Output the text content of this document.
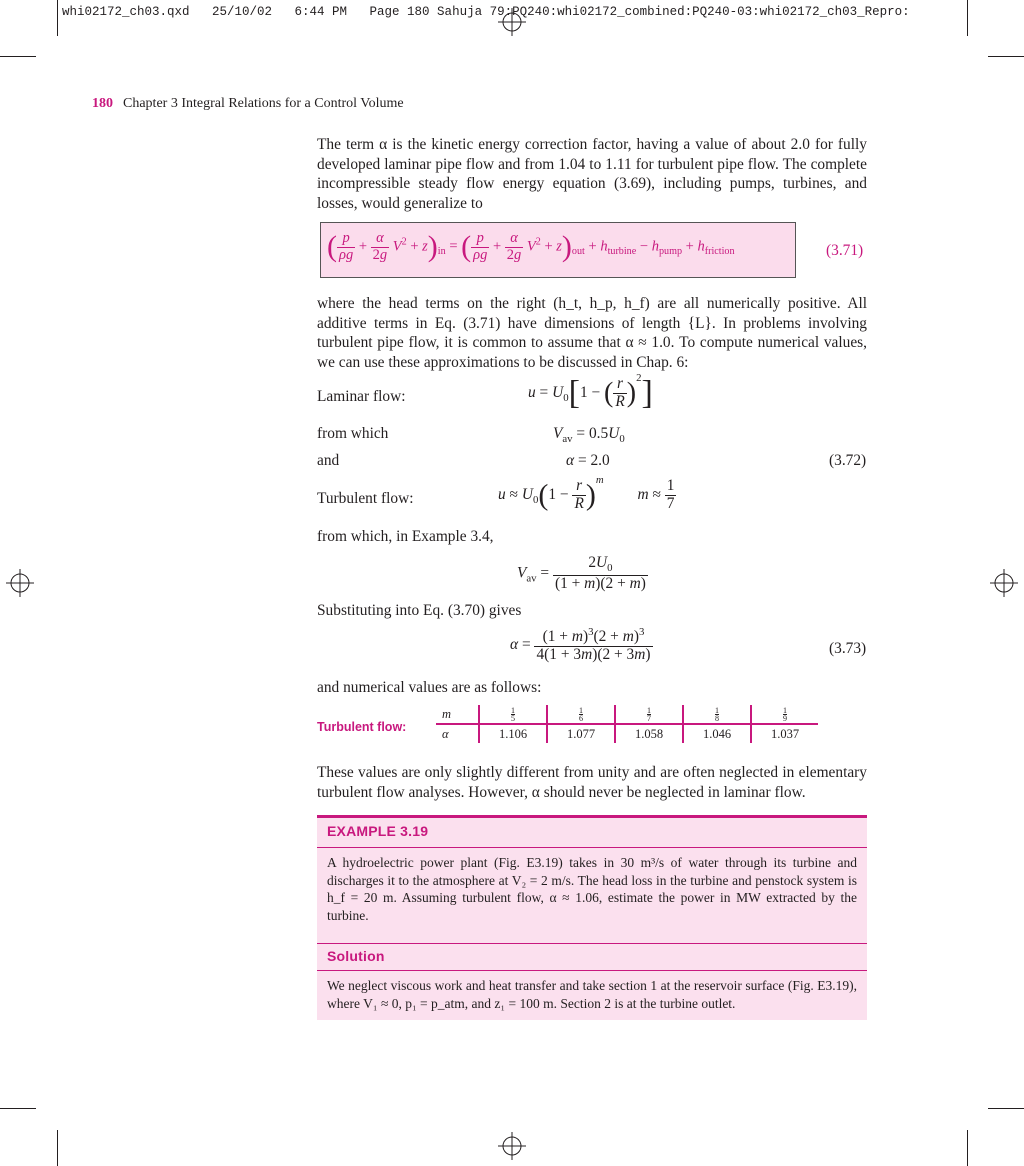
whi02172_ch03.qxd   25/10/02   6:44 PM   Page 180 Sahuja 79:PQ240:whi02172_combined:PQ240-03:whi02172_ch03_Repro:
180 Chapter 3 Integral Relations for a Control Volume
The term α is the kinetic energy correction factor, having a value of about 2.0 for fully developed laminar pipe flow and from 1.04 to 1.11 for turbulent pipe flow. The complete incompressible steady flow energy equation (3.69), including pumps, turbines, and losses, would generalize to
( $\frac{p}{\rho g} + \frac{\alpha}{2g} V^2 + z)_{in}$ = ( $\frac{p}{\rho g} + \frac{\alpha}{2g} V^2 + z)_{out} + h_{turbine} - h_{pump} + h_{friction}$	(3.71)
where the head terms on the right (h_t, h_p, h_f) are all numerically positive. All additive terms in Eq. (3.71) have dimensions of length {L}. In problems involving turbulent pipe flow, it is common to assume that α ≈ 1.0. To compute numerical values, we can use these approximations to be discussed in Chap. 6:
Laminar flow:	$u = U_0[1$ − ( $\frac{r}{R} )^2$]
from which	$V_{av} = 0.5U_0$
and	α = 2.0	(3.72)
Turbulent flow:	$u \approx U_0(1 - \frac{r}{R} )^m$ $m \approx \frac{1}{7}$
from which, in Example 3.4,
$V_{av} = \frac{2U_0}{(1 + m)(2 + m)}$
Substituting into Eq. (3.70) gives
$\alpha = \frac{(1 + m)^3(2 + m)^3}{4(1 + 3m)(2 + 3m)}$	(3.73)
and numerical values are as follows:
Turbulent flow:
m	$\frac{1}{5}$	$\frac{1}{6}$	$\frac{1}{7}$	$\frac{1}{8}$	$\frac{1}{9}$

α	1.106	1.077	1.058	1.046	1.037
These values are only slightly different from unity and are often neglected in elementary turbulent flow analyses. However, α should never be neglected in laminar flow.
EXAMPLE 3.19
A hydroelectric power plant (Fig. E3.19) takes in 30 m³/s of water through its turbine and discharges it to the atmosphere at V₂ = 2 m/s. The head loss in the turbine and penstock system is h_f = 20 m. Assuming turbulent flow, α ≈ 1.06, estimate the power in MW extracted by the turbine.
Solution
We neglect viscous work and heat transfer and take section 1 at the reservoir surface (Fig. E3.19), where V₁ ≈ 0, p₁ = p_atm, and z₁ = 100 m. Section 2 is at the turbine outlet.
